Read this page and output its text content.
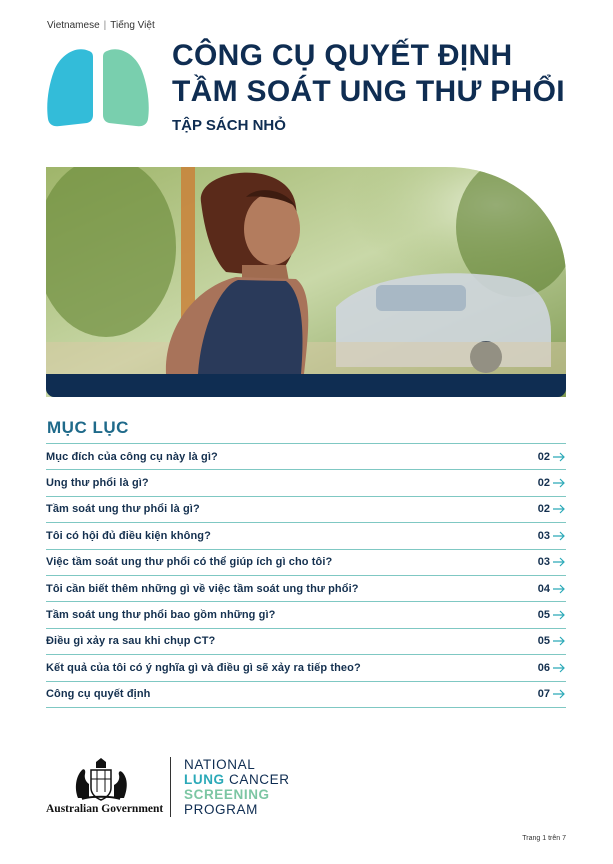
Vietnamese | Tiếng Việt
CÔNG CỤ QUYẾT ĐỊNH
TẦM SOÁT UNG THƯ PHỔI
TẬP SÁCH NHỎ
MỤC LỤC
Mục đích của công cụ này là gì?	02
Ung thư phổi là gì?	02
Tầm soát ung thư phổi là gì?	02
Tôi có hội đủ điều kiện không?	03
Việc tầm soát ung thư phổi có thể giúp ích gì cho tôi?	03
Tôi cần biết thêm những gì về việc tầm soát ung thư phổi?	04
Tầm soát ung thư phổi bao gồm những gì?	05
Điều gì xảy ra sau khi chụp CT?	05
Kết quả của tôi có ý nghĩa gì và điều gì sẽ xảy ra tiếp theo?	06
Công cụ quyết định	07
Australian Government
NATIONAL
LUNG CANCER
SCREENING
PROGRAM
Trang 1 trên 7
